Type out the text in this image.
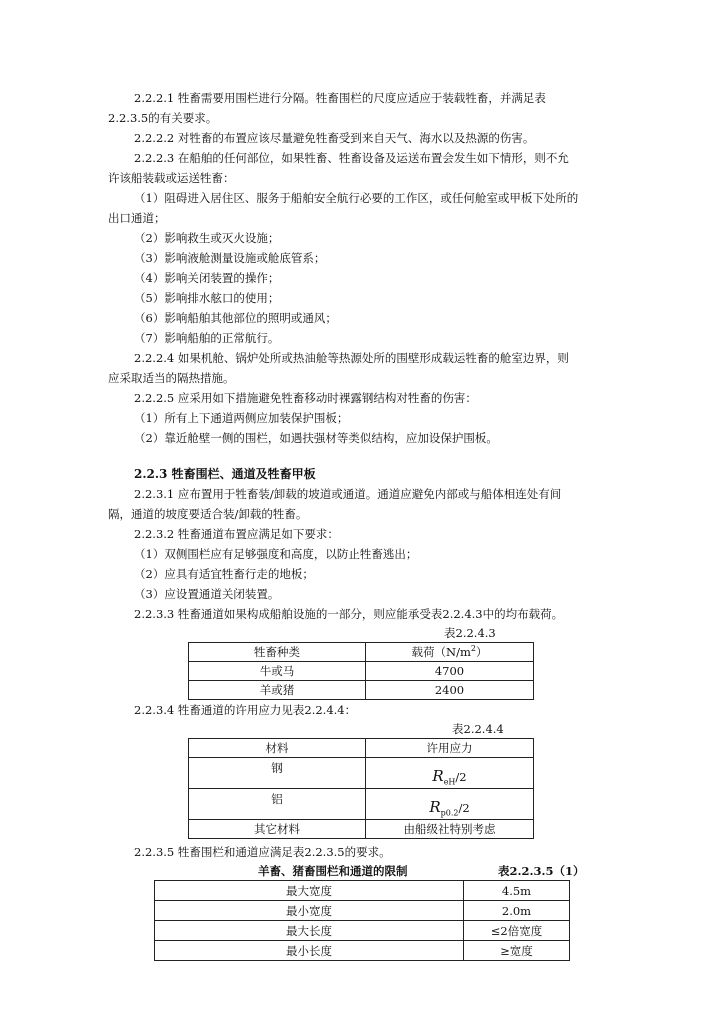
2.2.2.1 牲畜需要用围栏进行分隔。牲畜围栏的尺度应适应于装载牲畜，并满足表
2.2.3.5的有关要求。
2.2.2.2 对牲畜的布置应该尽量避免牲畜受到来自天气、海水以及热源的伤害。
2.2.2.3 在船舶的任何部位，如果牲畜、牲畜设备及运送布置会发生如下情形，则不允
许该船装载或运送牲畜：
（1）阻碍进入居住区、服务于船舶安全航行必要的工作区，或任何舱室或甲板下处所的
出口通道；
（2）影响救生或灭火设施；
（3）影响液舱测量设施或舱底管系；
（4）影响关闭装置的操作；
（5）影响排水舷口的使用；
（6）影响船舶其他部位的照明或通风；
（7）影响船舶的正常航行。
2.2.2.4 如果机舱、锅炉处所或热油舱等热源处所的围壁形成载运牲畜的舱室边界，则
应采取适当的隔热措施。
2.2.2.5 应采用如下措施避免牲畜移动时裸露钢结构对牲畜的伤害：
（1）所有上下通道两侧应加装保护围板；
（2）靠近舱壁一侧的围栏，如遇扶强材等类似结构，应加设保护围板。
2.2.3 牲畜围栏、通道及牲畜甲板
2.2.3.1 应布置用于牲畜装/卸载的坡道或通道。通道应避免内部或与船体相连处有间
隔，通道的坡度要适合装/卸载的牲畜。
2.2.3.2 牲畜通道布置应满足如下要求：
（1）双侧围栏应有足够强度和高度，以防止牲畜逃出；
（2）应具有适宜牲畜行走的地板；
（3）应设置通道关闭装置。
2.2.3.3 牲畜通道如果构成船舶设施的一部分，则应能承受表2.2.4.3中的均布载荷。
表2.2.4.3
牲畜种类	载荷$(N/m^2)$
牛或马	4700
羊或猪	2400
2.2.3.4 牲畜通道的许用应力见表2.2.4.4：
表2.2.4.4
材料	许用应力
钢	$R_{eH}/2$
铝	$R_{p0.2}/2$
其它材料	由船级社特别考虑
2.2.3.5 牲畜围栏和通道应满足表2.2.3.5的要求。
羊畜、猪畜围栏和通道的限制	表2.2.3.5（1）
最大宽度	4.5m
最小宽度	2.0m
最大长度	≤2倍宽度
最小长度	≥宽度
